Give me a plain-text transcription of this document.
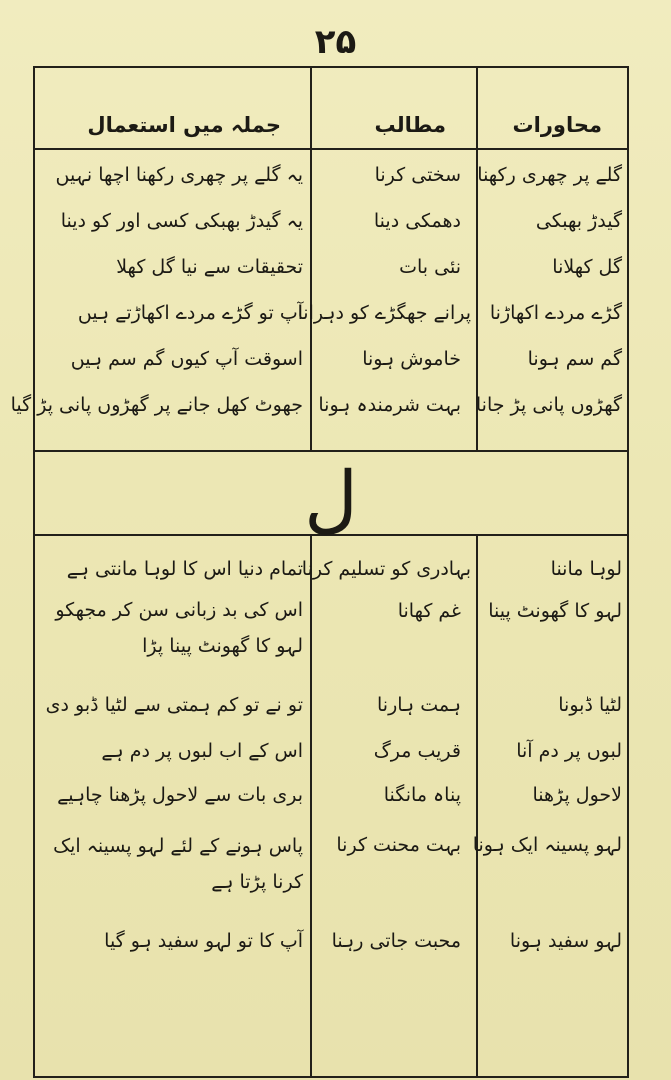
۲۵
محاورات
مطالب
جملہ میں استعمال
گلے پر چھری رکھنا
سختی کرنا
یہ گلے پر چھری رکھنا اچھا نہیں
گیدڑ بھبکی
دھمکی دینا
یہ گیدڑ بھبکی کسی اور کو دینا
گل کھلانا
نئی بات
تحقیقات سے نیا گل کھلا
گڑے مردے اکھاڑنا
پرانے جھگڑے کو دہرانا
آپ تو گڑے مردے اکھاڑتے ہیں
گم سم ہونا
خاموش ہونا
اسوقت آپ کیوں گم سم ہیں
گھڑوں پانی پڑ جانا
بہت شرمندہ ہونا
جھوٹ کھل جانے پر گھڑوں پانی پڑ گیا
ل
لوہا ماننا
بہادری کو تسلیم کرنا
تمام دنیا اس کا لوہا مانتی ہے
لہو کا گھونٹ پینا
غم کھانا
اس کی بد زبانی سن کر مجھکو لہو کا گھونٹ پینا پڑا
لٹیا ڈبونا
ہمت ہارنا
تو نے تو کم ہمتی سے لٹیا ڈبو دی
لبوں پر دم آنا
قریب مرگ
اس کے اب لبوں پر دم ہے
لاحول پڑھنا
پناہ مانگنا
بری بات سے لاحول پڑھنا چاہیے
لہو پسینہ ایک ہونا
بہت محنت کرنا
پاس ہونے کے لئے لہو پسینہ ایک کرنا پڑتا ہے
لہو سفید ہونا
محبت جاتی رہنا
آپ کا تو لہو سفید ہو گیا
